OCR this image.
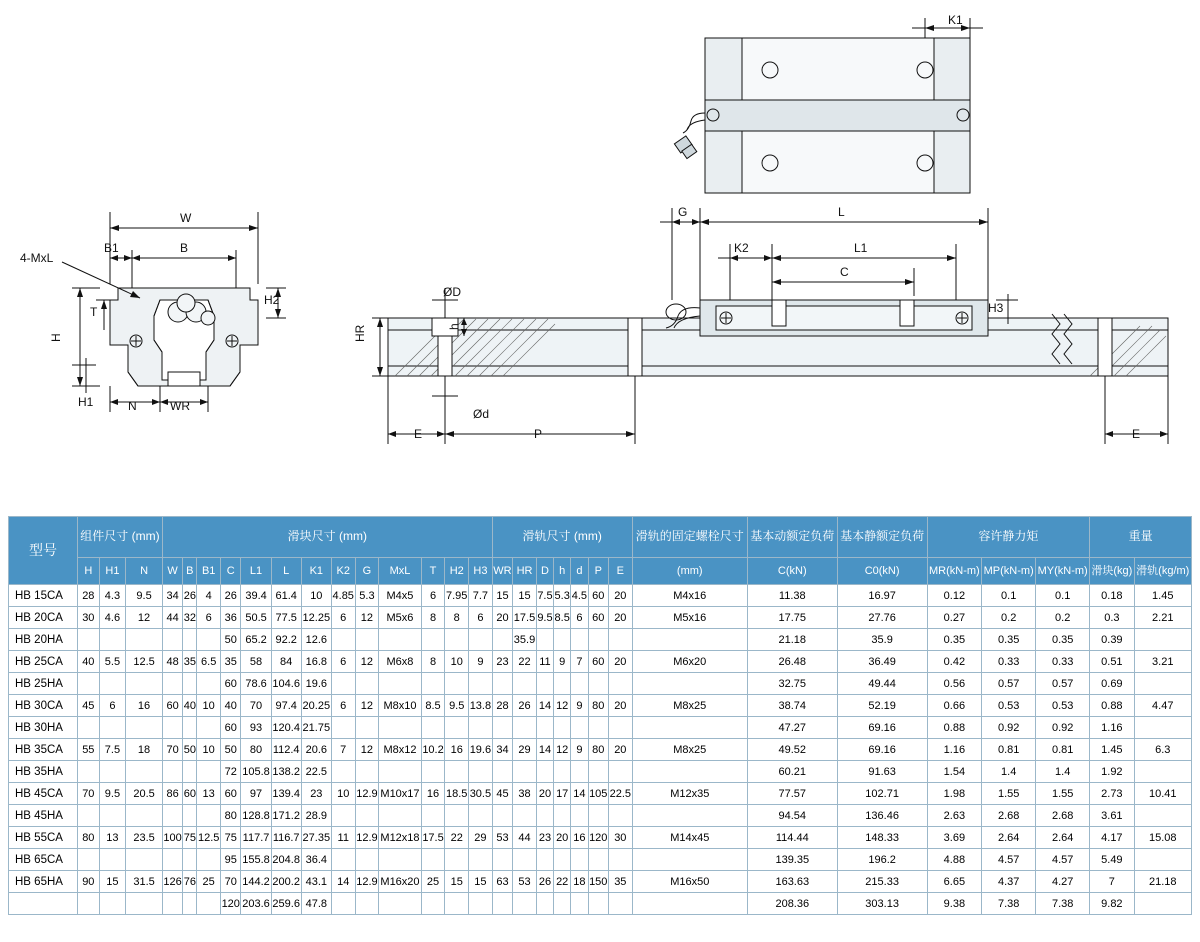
K1
4-MxL
W
B1	B
H2
T
H
H1	N	WR
G	L
K2	L1
C
H3
ØD
HR	h
Ød
E	P	E
型号	组件尺寸 (mm)			滑块尺寸 (mm)													滑轨尺寸 (mm)							滑轨的固定螺栓尺寸	基本动额定负荷	基本静额定负荷	容许静力矩			重量	
	H	H1	N	W	B	B1	C	L1	L	K1	K2	G	MxL	T	H2	H3	WR	HR	D	h	d	P	E	(mm)	C(kN)	C0(kN)	MR(kN-m)	MP(kN-m)	MY(kN-m)	滑块(kg)	滑轨(kg/m)
HB 15CA	28	4.3	9.5	34	26	4	26	39.4	61.4	10	4.85	5.3	M4x5	6	7.95	7.7	15	15	7.5	5.3	4.5	60	20	M4x16	11.38	16.97	0.12	0.1	0.1	0.18	1.45
HB 20CA	30	4.6	12	44	32	6	36	50.5	77.5	12.25	6	12	M5x6	8	8	6	20	17.5	9.5	8.5	6	60	20	M5x16	17.75	27.76	0.27	0.2	0.2	0.3	2.21
HB 20HA							50	65.2	92.2	12.6								35.9							21.18	35.9	0.35	0.35	0.35	0.39	
HB 25CA	40	5.5	12.5	48	35	6.5	35	58	84	16.8	6	12	M6x8	8	10	9	23	22	11	9	7	60	20	M6x20	26.48	36.49	0.42	0.33	0.33	0.51	3.21
HB 25HA							60	78.6	104.6	19.6															32.75	49.44	0.56	0.57	0.57	0.69	
HB 30CA	45	6	16	60	40	10	40	70	97.4	20.25	6	12	M8x10	8.5	9.5	13.8	28	26	14	12	9	80	20	M8x25	38.74	52.19	0.66	0.53	0.53	0.88	4.47
HB 30HA							60	93	120.4	21.75															47.27	69.16	0.88	0.92	0.92	1.16	
HB 35CA	55	7.5	18	70	50	10	50	80	112.4	20.6	7	12	M8x12	10.2	16	19.6	34	29	14	12	9	80	20	M8x25	49.52	69.16	1.16	0.81	0.81	1.45	6.3
HB 35HA							72	105.8	138.2	22.5															60.21	91.63	1.54	1.4	1.4	1.92	
HB 45CA	70	9.5	20.5	86	60	13	60	97	139.4	23	10	12.9	M10x17	16	18.5	30.5	45	38	20	17	14	105	22.5	M12x35	77.57	102.71	1.98	1.55	1.55	2.73	10.41
HB 45HA							80	128.8	171.2	28.9															94.54	136.46	2.63	2.68	2.68	3.61	
HB 55CA	80	13	23.5	100	75	12.5	75	117.7	116.7	27.35	11	12.9	M12x18	17.5	22	29	53	44	23	20	16	120	30	M14x45	114.44	148.33	3.69	2.64	2.64	4.17	15.08
HB 65CA							95	155.8	204.8	36.4															139.35	196.2	4.88	4.57	4.57	5.49	
HB 65HA	90	15	31.5	126	76	25	70	144.2	200.2	43.1	14	12.9	M16x20	25	15	15	63	53	26	22	18	150	35	M16x50	163.63	215.33	6.65	4.37	4.27	7	21.18
							120	203.6	259.6	47.8															208.36	303.13	9.38	7.38	7.38	9.82	
